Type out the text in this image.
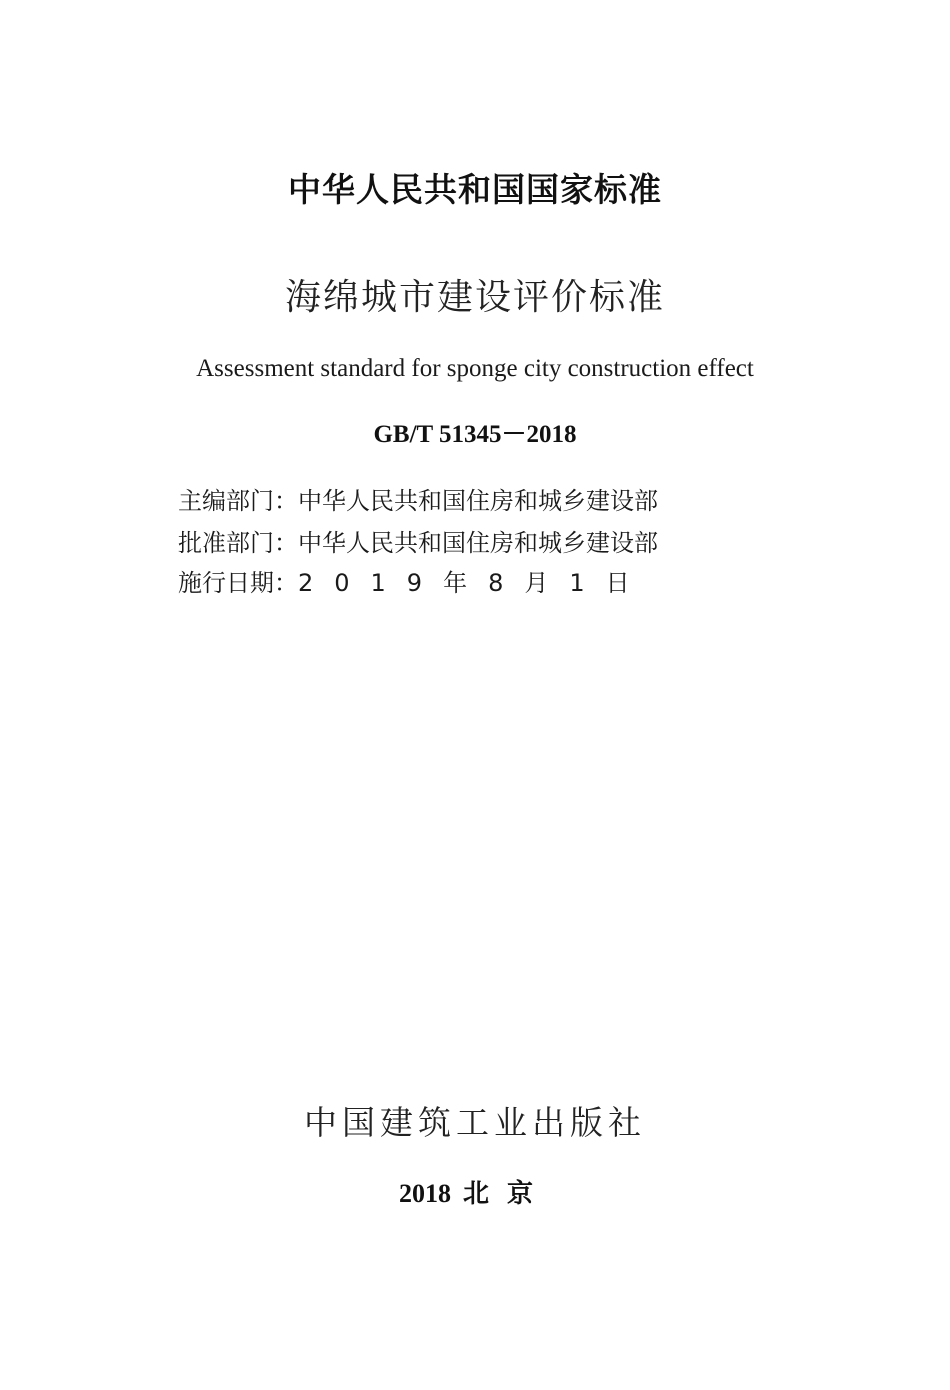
中华人民共和国国家标准
海绵城市建设评价标准
Assessment standard for sponge city construction effect
GB/T 51345－2018
主编部门：中华人民共和国住房和城乡建设部
批准部门：中华人民共和国住房和城乡建设部
施行日期：2019年8月1日
中国建筑工业出版社
2018 北京
